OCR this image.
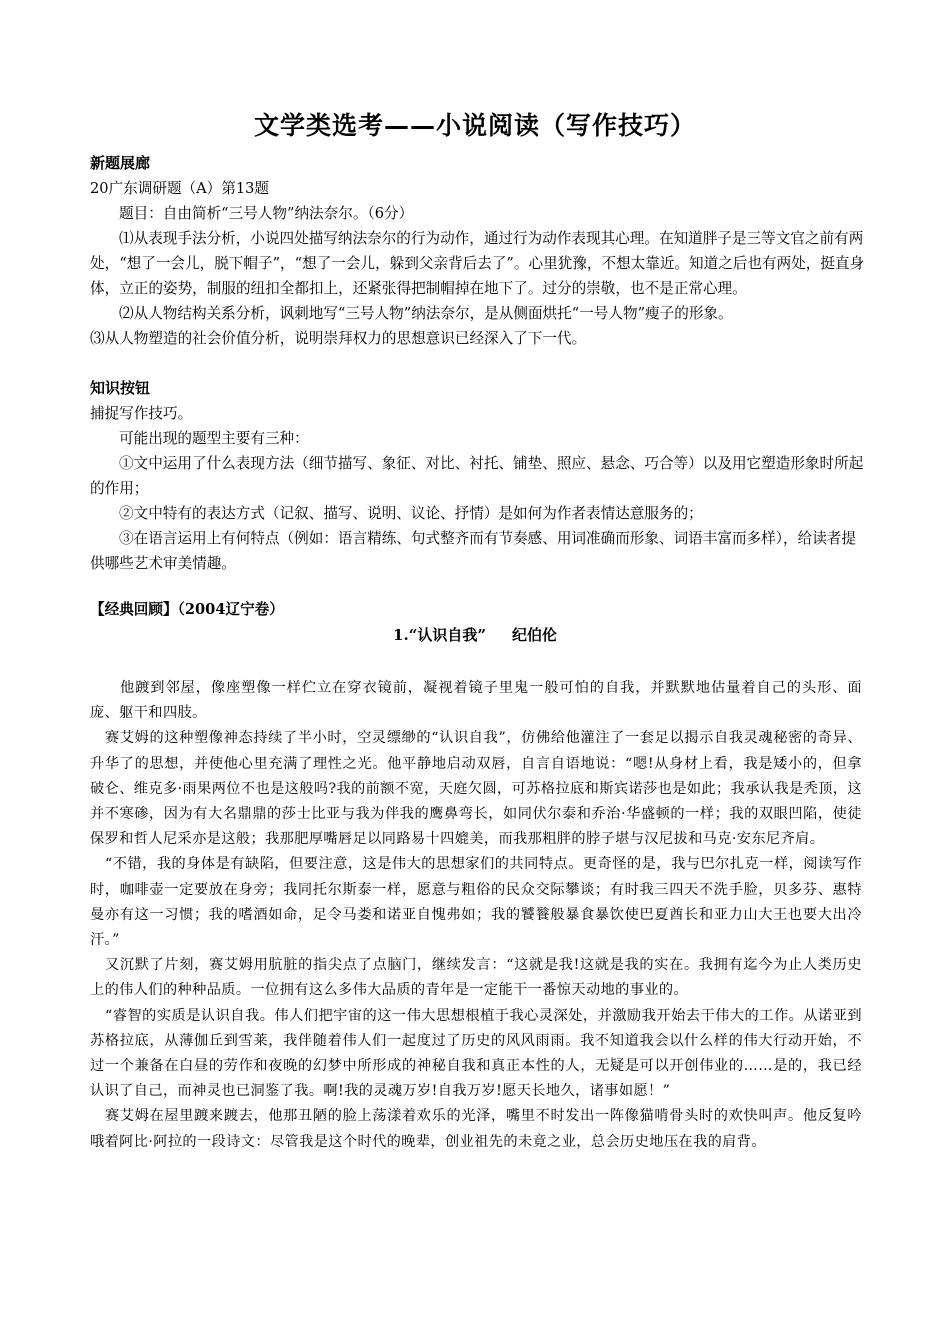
文学类选考——小说阅读（写作技巧）
新题展廊

20广东调研题（A）第13题

题目：自由简析“三号人物”纳法奈尔。（6分）

⑴从表现手法分析，小说四处描写纳法奈尔的行为动作，通过行为动作表现其心理。在知道胖子是三等文官之前有两处，“想了一会儿，脱下帽子”，“想了一会儿，躲到父亲背后去了”。心里犹豫，不想太靠近。知道之后也有两处，挺直身体，立正的姿势，制服的纽扣全都扣上，还紧张得把制帽掉在地下了。过分的崇敬，也不是正常心理。

⑵从人物结构关系分析，讽刺地写“三号人物”纳法奈尔，是从侧面烘托“一号人物”瘦子的形象。

⑶从人物塑造的社会价值分析，说明崇拜权力的思想意识已经深入了下一代。

知识按钮

捕捉写作技巧。

可能出现的题型主要有三种：

①文中运用了什么表现方法（细节描写、象征、对比、衬托、铺垫、照应、悬念、巧合等）以及用它塑造形象时所起的作用；

②文中特有的表达方式（记叙、描写、说明、议论、抒情）是如何为作者表情达意服务的；

③在语言运用上有何特点（例如：语言精练、句式整齐而有节奏感、用词准确而形象、词语丰富而多样），给读者提供哪些艺术审美情趣。

【经典回顾】（2004辽宁卷）
1.“认识自我” 纪伯伦

他踱到邻屋，像座塑像一样伫立在穿衣镜前，凝视着镜子里鬼一般可怕的自我，并默默地估量着自己的头形、面庞、躯干和四肢。

赛艾姆的这种塑像神态持续了半小时，空灵缥缈的“认识自我”，仿佛给他灌注了一套足以揭示自我灵魂秘密的奇异、升华了的思想，并使他心里充满了理性之光。他平静地启动双唇，自言自语地说：“嗯!从身材上看，我是矮小的，但拿破仑、维克多·雨果两位不也是这般吗?我的前额不宽，天庭欠圆，可苏格拉底和斯宾诺莎也是如此；我承认我是秃顶，这并不寒碜，因为有大名鼎鼎的莎士比亚与我为伴我的鹰鼻弯长，如同伏尔泰和乔治·华盛顿的一样；我的双眼凹陷，使徒保罗和哲人尼采亦是这般；我那肥厚嘴唇足以同路易十四媲美，而我那粗胖的脖子堪与汉尼拔和马克·安东尼齐肩。

“不错，我的身体是有缺陷，但要注意，这是伟大的思想家们的共同特点。更奇怪的是，我与巴尔扎克一样，阅读写作时，咖啡壶一定要放在身旁；我同托尔斯泰一样，愿意与粗俗的民众交际攀谈；有时我三四天不洗手脸，贝多芬、惠特曼亦有这一习惯；我的嗜酒如命，足令马娄和诺亚自愧弗如；我的饕餮般暴食暴饮使巴夏酋长和亚力山大王也要大出冷汗。”

又沉默了片刻，赛艾姆用肮脏的指尖点了点脑门，继续发言：“这就是我!这就是我的实在。我拥有迄今为止人类历史上的伟人们的种种品质。一位拥有这么多伟大品质的青年是一定能干一番惊天动地的事业的。

“睿智的实质是认识自我。伟人们把宇宙的这一伟大思想根植于我心灵深处，并激励我开始去干伟大的工作。从诺亚到苏格拉底，从薄伽丘到雪莱，我伴随着伟人们一起度过了历史的风风雨雨。我不知道我会以什么样的伟大行动开始，不过一个兼备在白昼的劳作和夜晚的幻梦中所形成的神秘自我和真正本性的人，无疑是可以开创伟业的……是的，我已经认识了自己，而神灵也已洞鉴了我。啊!我的灵魂万岁!自我万岁!愿天长地久，诸事如愿！”

赛艾姆在屋里踱来踱去，他那丑陋的脸上荡漾着欢乐的光泽，嘴里不时发出一阵像猫啃骨头时的欢快叫声。他反复吟哦着阿比·阿拉的一段诗文：尽管我是这个时代的晚辈，创业祖先的未竟之业，总会历史地压在我的肩背。
